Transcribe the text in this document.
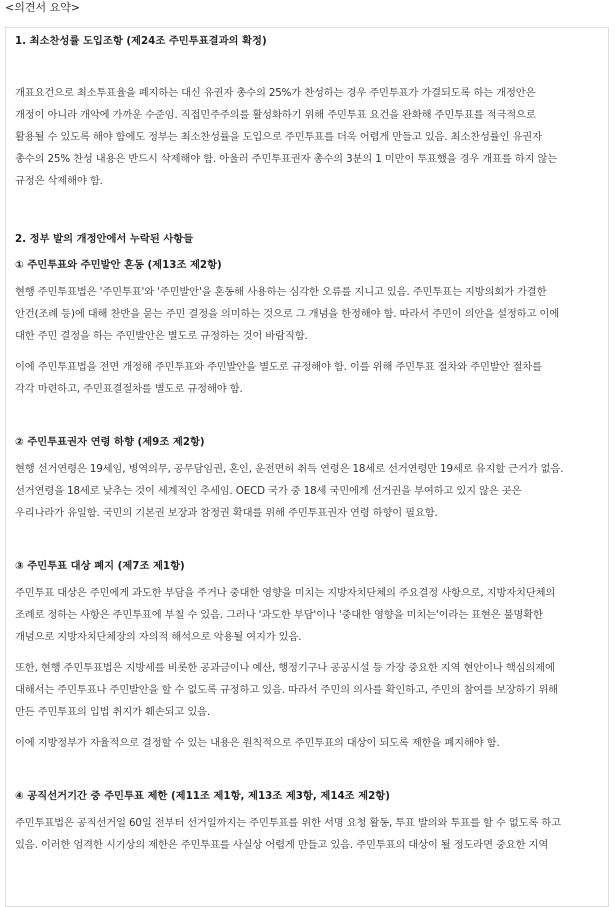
<의견서 요약>
1. 최소찬성률 도입조항 (제24조 주민투표결과의 확정)

개표요건으로 최소투표율을 폐지하는 대신 유권자 총수의 25%가 찬성하는 경우 주민투표가 가결되도록 하는 개정안은

개정이 아니라 개악에 가까운 수준임. 직접민주주의를 활성화하기 위해 주민투표 요건을 완화해 주민투표를 적극적으로

활용될 수 있도록 해야 함에도 정부는 최소찬성률을 도입으로 주민투표를 더욱 어렵게 만들고 있음. 최소찬성률인 유권자

총수의 25% 찬성 내용은 반드시 삭제해야 함. 아울러 주민투표권자 총수의 3분의 1 미만이 투표했을 경우 개표를 하지 않는

규정은 삭제해야 함.

2. 정부 발의 개정안에서 누락된 사항들
① 주민투표와 주민발안 혼동 (제13조 제2항)

현행 주민투표법은 '주민투표'와 '주민발안'을 혼동해 사용하는 심각한 오류를 지니고 있음. 주민투표는 지방의회가 가결한

안건(조례 등)에 대해 찬반을 묻는 주민 결정을 의미하는 것으로 그 개념을 한정해야 함. 따라서 주민이 의안을 설정하고 이에

대한 주민 결정을 하는 주민발안은 별도로 규정하는 것이 바람직함.

이에 주민투표법을 전면 개정해 주민투표와 주민발안을 별도로 규정해야 함. 이를 위해 주민투표 절차와 주민발안 절차를

각각 마련하고, 주민표결절차를 별도로 규정해야 함.

② 주민투표권자 연령 하향 (제9조 제2항)

현행 선거연령은 19세임, 병역의무, 공무담임권, 혼인, 운전면허 취득 연령은 18세로 선거연령만 19세로 유지할 근거가 없음.

선거연령을 18세로 낮추는 것이 세계적인 추세임. OECD 국가 중 18세 국민에게 선거권을 부여하고 있지 않은 곳은

우리나라가 유일함. 국민의 기본권 보장과 참정권 확대를 위해 주민투표권자 연령 하향이 필요함.

③ 주민투표 대상 폐지 (제7조 제1항)

주민투표 대상은 주민에게 과도한 부담을 주거나 중대한 영향을 미치는 지방자치단체의 주요결정 사항으로, 지방자치단체의

조례로 정하는 사항은 주민투표에 부칠 수 있음. 그러나 '과도한 부담'이나 '중대한 영향을 미치는'이라는 표현은 불명확한

개념으로 지방자치단체장의 자의적 해석으로 악용될 여지가 있음.

또한, 현행 주민투표법은 지방세를 비롯한 공과금이나 예산, 행정기구나 공공시설 등 가장 중요한 지역 현안이나 핵심의제에

대해서는 주민투표나 주민발안을 할 수 없도록 규정하고 있음. 따라서 주민의 의사를 확인하고, 주민의 참여를 보장하기 위해

만든 주민투표의 입법 취지가 훼손되고 있음.

이에 지방정부가 자율적으로 결정할 수 있는 내용은 원칙적으로 주민투표의 대상이 되도록 제한을 폐지해야 함.

④ 공직선거기간 중 주민투표 제한 (제11조 제1항, 제13조 제3항, 제14조 제2항)

주민투표법은 공직선거일 60일 전부터 선거일까지는 주민투표를 위한 서명 요청 활동, 투표 발의와 투표를 할 수 없도록 하고

있음. 이러한 엄격한 시기상의 제한은 주민투표를 사실상 어렵게 만들고 있음. 주민투표의 대상이 될 정도라면 중요한 지역
